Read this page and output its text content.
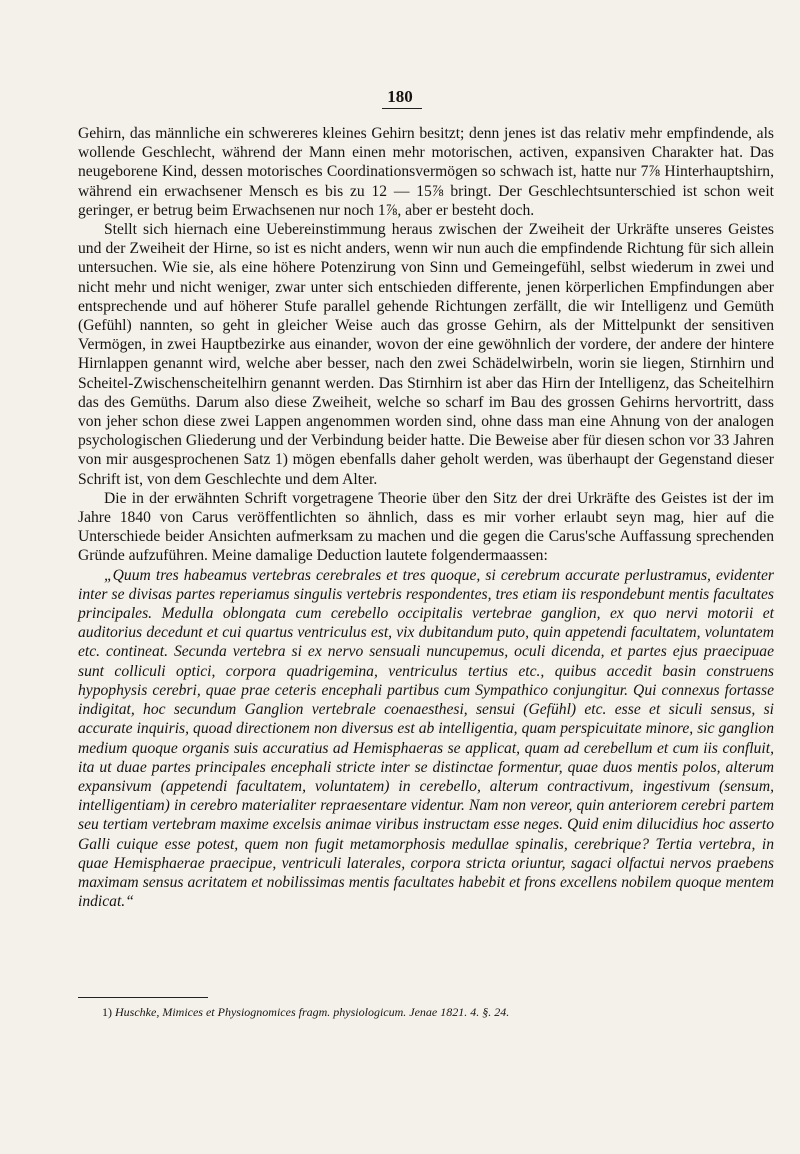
180

Gehirn, das männliche ein schwereres kleines Gehirn besitzt; denn jenes ist das relativ mehr empfindende, als wollende Geschlecht, während der Mann einen mehr motorischen, activen, expansiven Charakter hat. Das neugeborene Kind, dessen motorisches Coordinationsvermögen so schwach ist, hatte nur 7⅞ Hinterhauptshirn, während ein erwachsener Mensch es bis zu 12 — 15⅞ bringt. Der Geschlechtsunterschied ist schon weit geringer, er betrug beim Erwachsenen nur noch 1⅞, aber er besteht doch.

Stellt sich hiernach eine Uebereinstimmung heraus zwischen der Zweiheit der Urkräfte unseres Geistes und der Zweiheit der Hirne, so ist es nicht anders, wenn wir nun auch die empfindende Richtung für sich allein untersuchen. Wie sie, als eine höhere Potenzirung von Sinn und Gemeingefühl, selbst wiederum in zwei und nicht mehr und nicht weniger, zwar unter sich entschieden differente, jenen körperlichen Empfindungen aber entsprechende und auf höherer Stufe parallel gehende Richtungen zerfällt, die wir Intelligenz und Gemüth (Gefühl) nannten, so geht in gleicher Weise auch das grosse Gehirn, als der Mittelpunkt der sensitiven Vermögen, in zwei Hauptbezirke aus einander, wovon der eine gewöhnlich der vordere, der andere der hintere Hirnlappen genannt wird, welche aber besser, nach den zwei Schädelwirbeln, worin sie liegen, Stirnhirn und Scheitel-Zwischenscheitelhirn genannt werden. Das Stirnhirn ist aber das Hirn der Intelligenz, das Scheitelhirn das des Gemüths. Darum also diese Zweiheit, welche so scharf im Bau des grossen Gehirns hervortritt, dass von jeher schon diese zwei Lappen angenommen worden sind, ohne dass man eine Ahnung von der analogen psychologischen Gliederung und der Verbindung beider hatte. Die Beweise aber für diesen schon vor 33 Jahren von mir ausgesprochenen Satz 1) mögen ebenfalls daher geholt werden, was überhaupt der Gegenstand dieser Schrift ist, von dem Geschlechte und dem Alter.

Die in der erwähnten Schrift vorgetragene Theorie über den Sitz der drei Urkräfte des Geistes ist der im Jahre 1840 von Carus veröffentlichten so ähnlich, dass es mir vorher erlaubt seyn mag, hier auf die Unterschiede beider Ansichten aufmerksam zu machen und die gegen die Carus'sche Auffassung sprechenden Gründe aufzuführen. Meine damalige Deduction lautete folgendermaassen:

„Quum tres habeamus vertebras cerebrales et tres quoque, si cerebrum accurate perlustramus, evidenter inter se divisas partes reperiamus singulis vertebris respondentes, tres etiam iis respondebunt mentis facultates principales. Medulla oblongata cum cerebello occipitalis vertebrae ganglion, ex quo nervi motorii et auditorius decedunt et cui quartus ventriculus est, vix dubitandum puto, quin appetendi facultatem, voluntatem etc. contineat. Secunda vertebra si ex nervo sensuali nuncupemus, oculi dicenda, et partes ejus praecipuae sunt colliculi optici, corpora quadrigemina, ventriculus tertius etc., quibus accedit basin construens hypophysis cerebri, quae prae ceteris encephali partibus cum Sympathico conjungitur. Qui connexus fortasse indigitat, hoc secundum Ganglion vertebrale coenaesthesi, sensui (Gefühl) etc. esse et siculi sensus, si accurate inquiris, quoad directionem non diversus est ab intelligentia, quam perspicuitate minore, sic ganglion medium quoque organis suis accuratius ad Hemisphaeras se applicat, quam ad cerebellum et cum iis confluit, ita ut duae partes principales encephali stricte inter se distinctae formentur, quae duos mentis polos, alterum expansivum (appetendi facultatem, voluntatem) in cerebello, alterum contractivum, ingestivum (sensum, intelligentiam) in cerebro materialiter repraesentare videntur. Nam non vereor, quin anteriorem cerebri partem seu tertiam vertebram maxime excelsis animae viribus instructam esse neges. Quid enim dilucidius hoc asserto Galli cuique esse potest, quem non fugit metamorphosis medullae spinalis, cerebrique? Tertia vertebra, in quae Hemisphaerae praecipue, ventriculi laterales, corpora stricta oriuntur, sagaci olfactui nervos praebens maximam sensus acritatem et nobilissimas mentis facultates habebit et frons excellens nobilem quoque mentem indicat.“

1) Huschke, Mimices et Physiognomices fragm. physiologicum. Jenae 1821. 4. §. 24.
